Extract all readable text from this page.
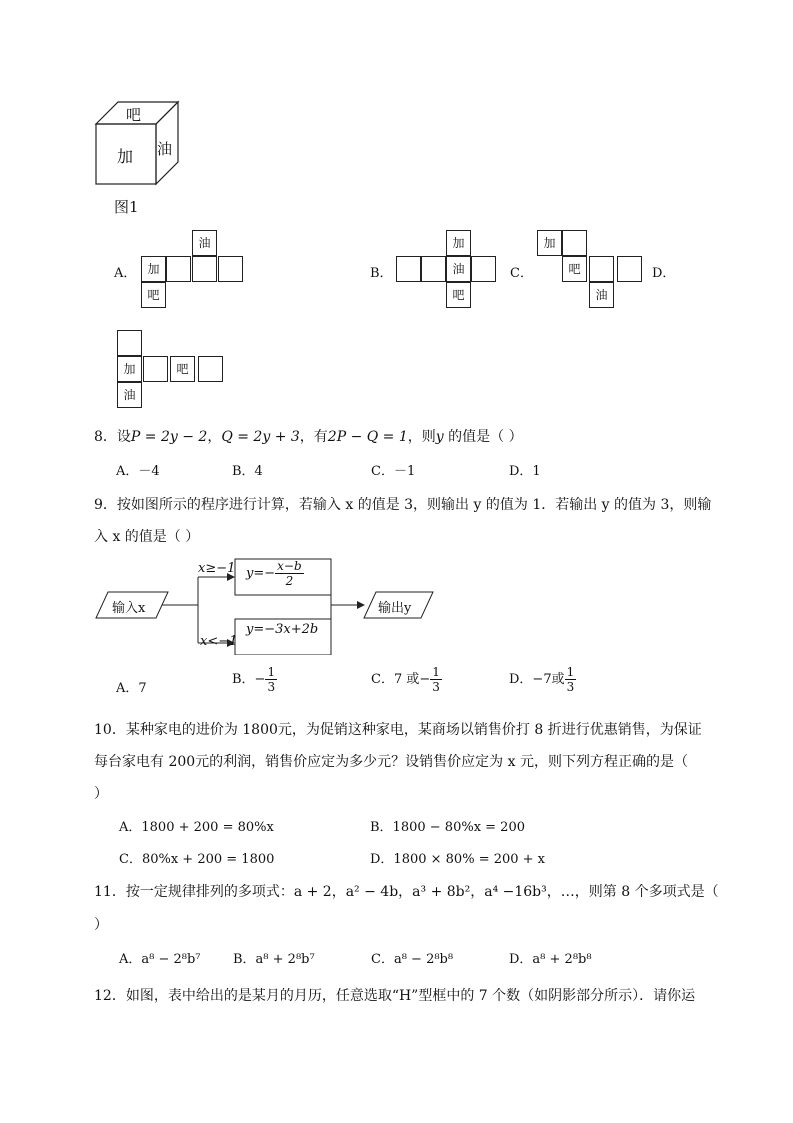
吧
加 油
图1
A．
油
加
吧
B．
加
油
吧
C．
加
吧
油
D．
加	吧
油
8．设P = 2y − 2，Q = 2y + 3，有2P − Q = 1，则y 的值是（ ）
A．－4	B．4	C．－1	D．1
9．按如图所示的程序进行计算，若输入 x 的值是 3，则输出 y 的值为 1．若输出 y 的值为 3，则输
入 x 的值是（ ）
输入x	输出y
x≥−1
x<−1
$y=- \frac{x-b}{2}$
y=−3x+2b
A．7
B．− $\frac{1}{3}$	C．7 或− $\frac{1}{3}$	D．−7或 $\frac{1}{3}$
10．某种家电的进价为 1800元，为促销这种家电，某商场以销售价打 8 折进行优惠销售，为保证
每台家电有 200元的利润，销售价应定为多少元？设销售价应定为 x 元，则下列方程正确的是（
）
A．1800 + 200 = 80%x	B．1800 − 80%x = 200
C．80%x + 200 = 1800	D．1800 × 80% = 200 + x
11．按一定规律排列的多项式：a + 2，a² − 4b，a³ + 8b²，a⁴ −16b³，…，则第 8 个多项式是（
）
A．a⁸ − 2⁸b⁷ B．a⁸ + 2⁸b⁷	C．a⁸ − 2⁸b⁸	D．a⁸ + 2⁸b⁸
12．如图，表中给出的是某月的月历，任意选取“H”型框中的 7 个数（如阴影部分所示）．请你运
